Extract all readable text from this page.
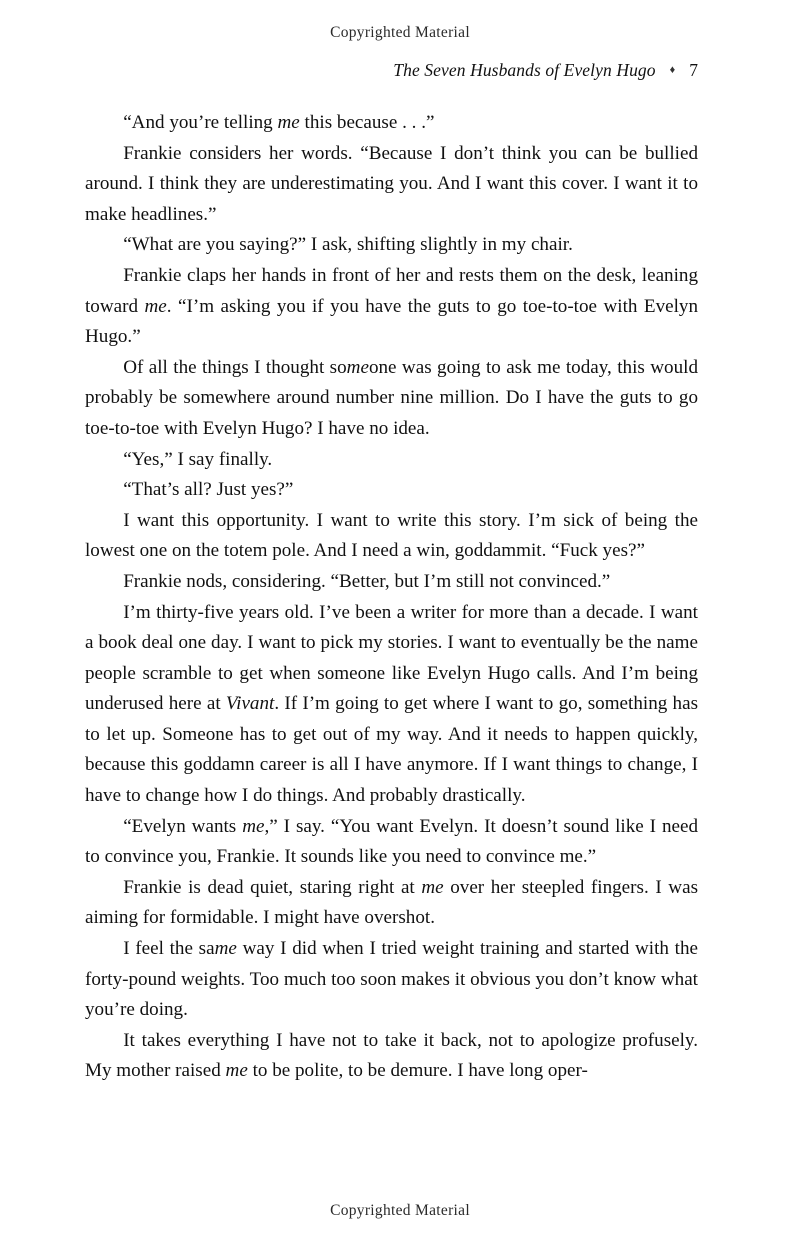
Copyrighted Material
The Seven Husbands of Evelyn Hugo ♦ 7

“And you’re telling me this because . . .”

Frankie considers her words. “Because I don’t think you can be bullied around. I think they are underestimating you. And I want this cover. I want it to make headlines.”

“What are you saying?” I ask, shifting slightly in my chair.

Frankie claps her hands in front of her and rests them on the desk, leaning toward me. “I’m asking you if you have the guts to go toe-to-toe with Evelyn Hugo.”

Of all the things I thought someone was going to ask me today, this would probably be somewhere around number nine million. Do I have the guts to go toe-to-toe with Evelyn Hugo? I have no idea.

“Yes,” I say finally.

“That’s all? Just yes?”

I want this opportunity. I want to write this story. I’m sick of being the lowest one on the totem pole. And I need a win, goddammit. “Fuck yes?”

Frankie nods, considering. “Better, but I’m still not convinced.”

I’m thirty-five years old. I’ve been a writer for more than a decade. I want a book deal one day. I want to pick my stories. I want to eventually be the name people scramble to get when someone like Evelyn Hugo calls. And I’m being underused here at Vivant. If I’m going to get where I want to go, something has to let up. Someone has to get out of my way. And it needs to happen quickly, because this goddamn career is all I have anymore. If I want things to change, I have to change how I do things. And probably drastically.

“Evelyn wants me,” I say. “You want Evelyn. It doesn’t sound like I need to convince you, Frankie. It sounds like you need to convince me.”

Frankie is dead quiet, staring right at me over her steepled fingers. I was aiming for formidable. I might have overshot.

I feel the same way I did when I tried weight training and started with the forty-pound weights. Too much too soon makes it obvious you don’t know what you’re doing.

It takes everything I have not to take it back, not to apologize profusely. My mother raised me to be polite, to be demure. I have long oper-

Copyrighted Material
